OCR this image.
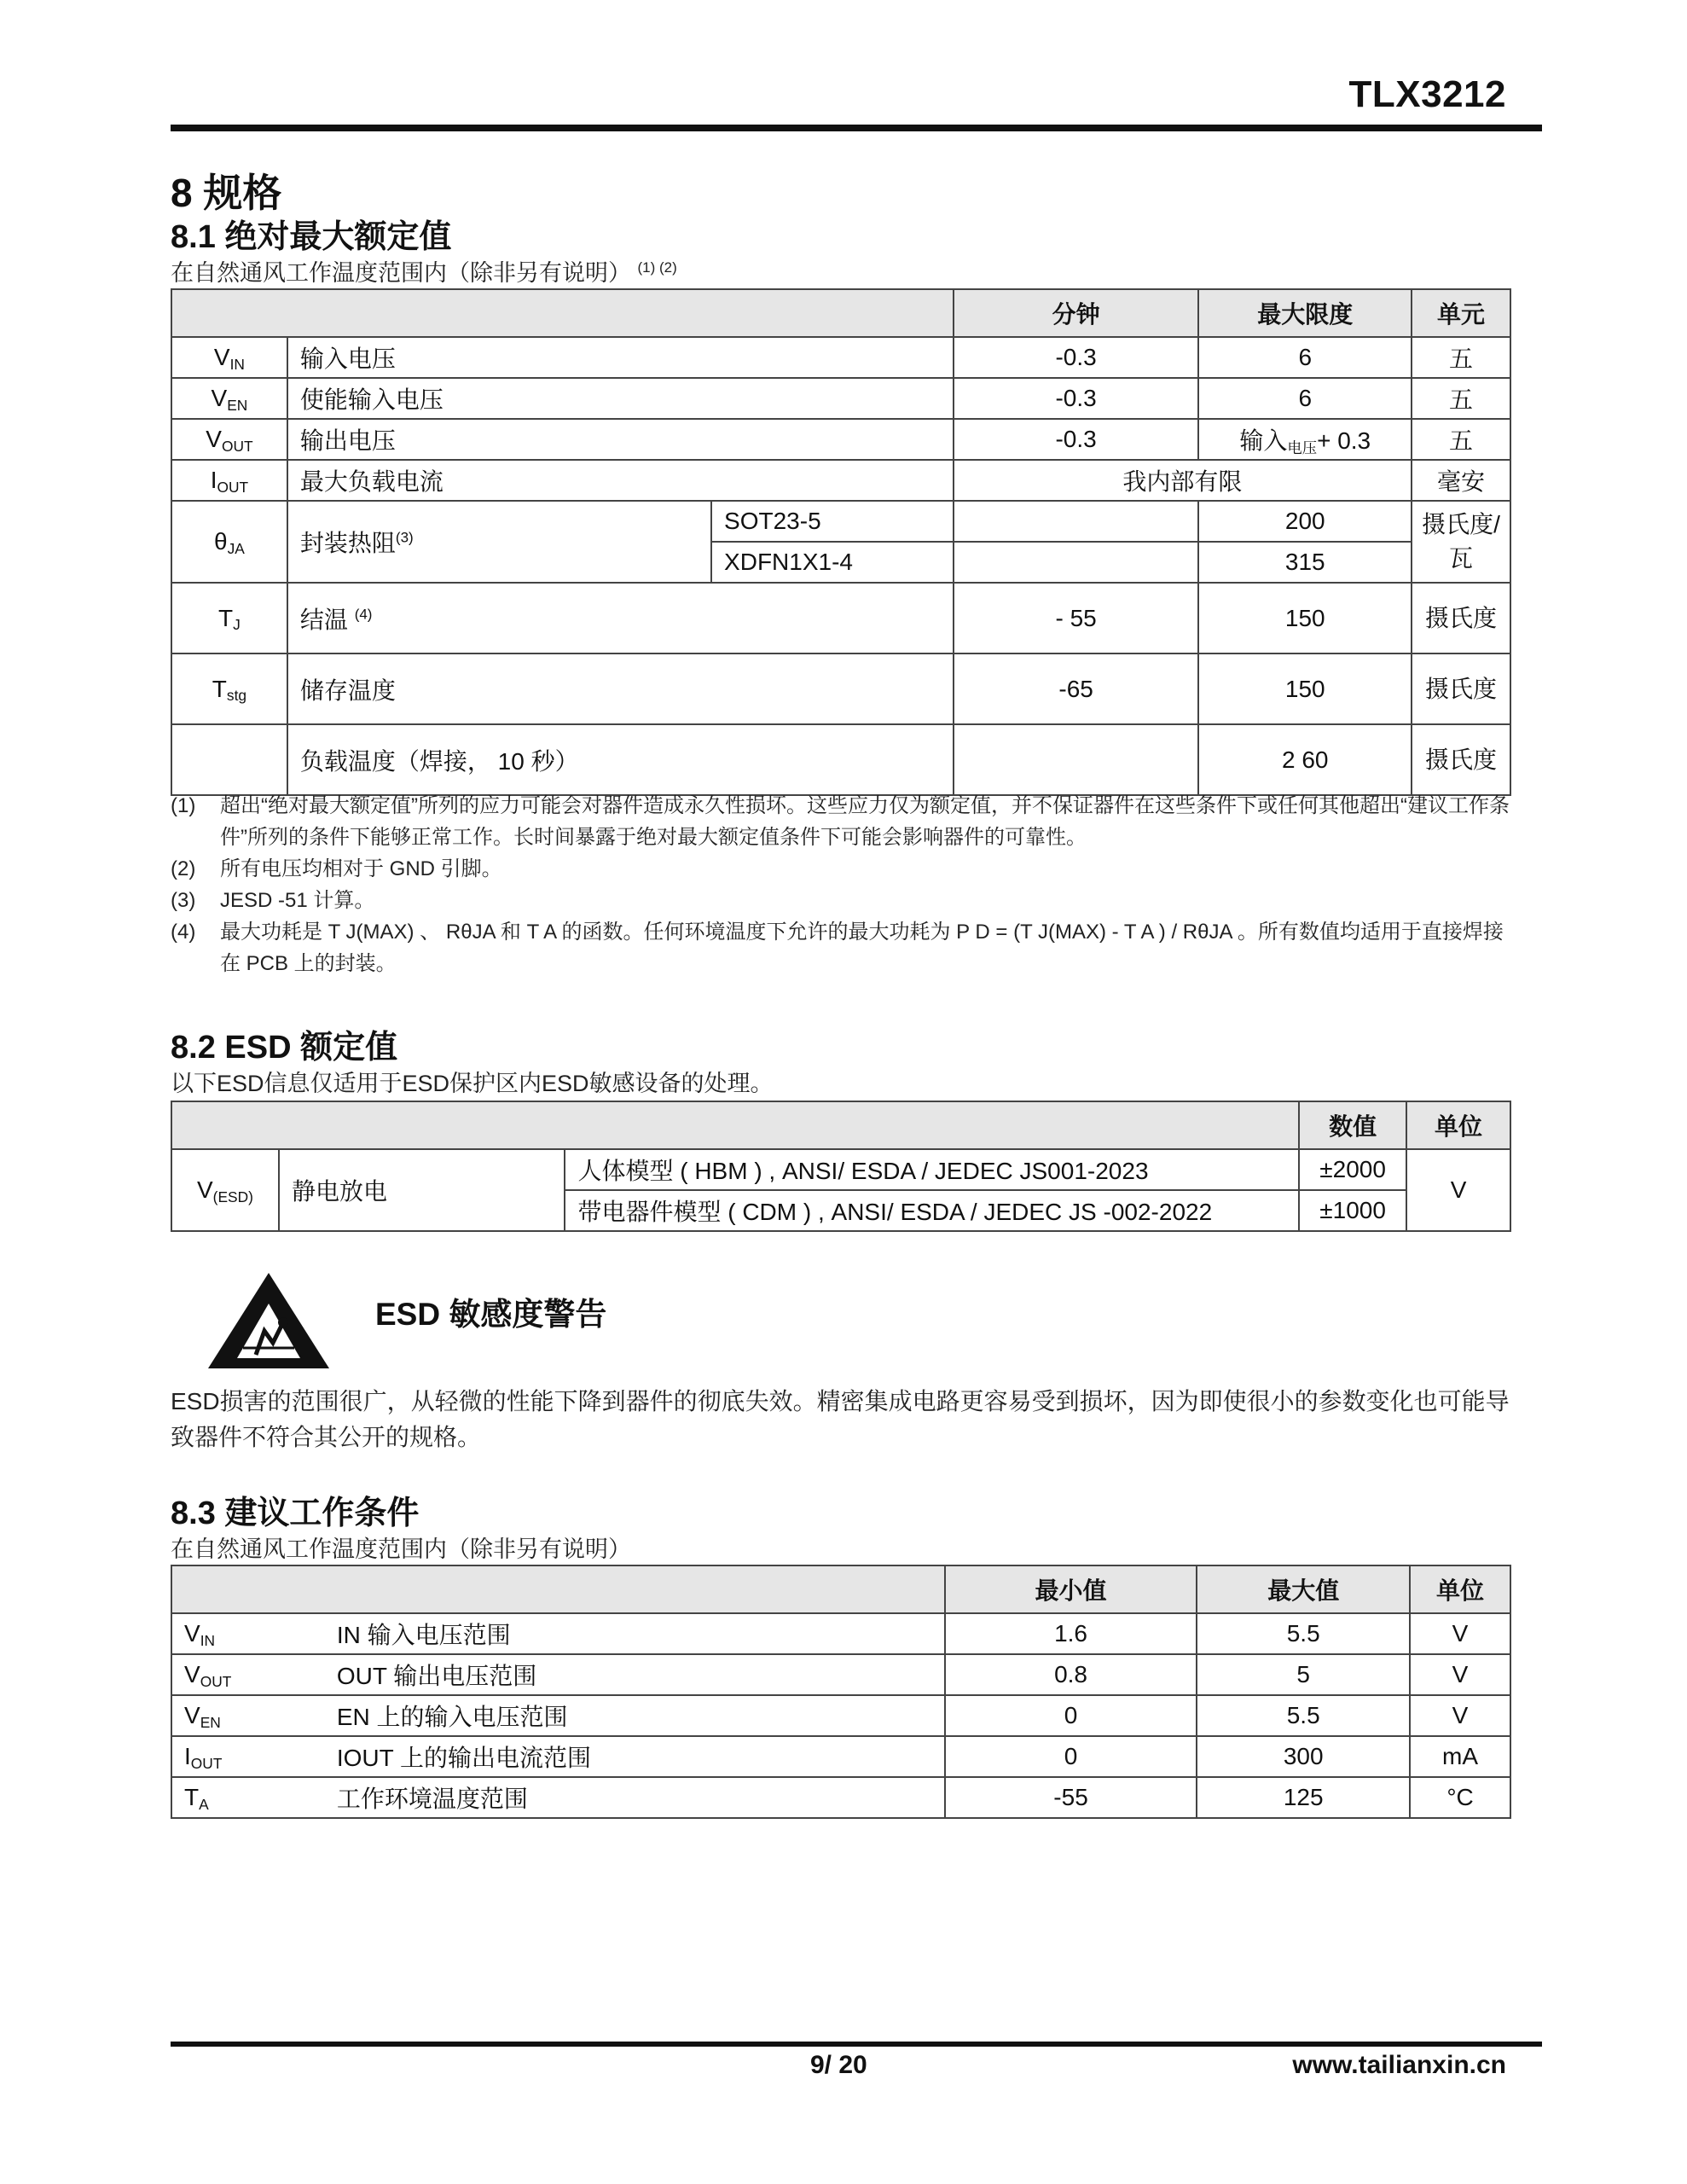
TLX3212
8 规格
8.1 绝对最大额定值
在自然通风工作温度范围内（除非另有说明） $^{(1) (2)}$
			分钟	最大限度	单元
$V_{IN}$	输入电压		-0.3	6	五
$V_{EN}$	使能输入电压		-0.3	6	五
$V_{OUT}$	输出电压		-0.3	输入$_{电压}$+ 0.3	五
$I_{OUT}$	最大负载电流		我内部有限		毫安
$\theta_{JA}$	封装热阻$^{(3)}$	SOT23-5		200	摄氏度/瓦
		XDFN1X1-4		315	
$T_J$	结温 $^{(4)}$		- 55	150	摄氏度
$T_{stg}$	储存温度		-65	150	摄氏度
	负载温度（焊接， 10 秒）			2 60	摄氏度
(1)	超出“绝对最大额定值”所列的应力可能会对器件造成永久性损坏。这些应力仅为额定值，并不保证器件在这些条件下或任何其他超出“建议工作条件”所列的条件下能够正常工作。长时间暴露于绝对最大额定值条件下可能会影响器件的可靠性。
(2)	所有电压均相对于 GND 引脚。
(3)	JESD -51 计算。
(4)	最大功耗是 T J(MAX) 、 RθJA 和 T A 的函数。任何环境温度下允许的最大功耗为 P D = (T J(MAX) - T A ) / RθJA 。所有数值均适用于直接焊接在 PCB 上的封装。
8.2 ESD 额定值
以下ESD信息仅适用于ESD保护区内ESD敏感设备的处理。
			数值	单位
$V_{(ESD)}$	静电放电	人体模型 ( HBM ) , ANSI/ ESDA / JEDEC JS001-2023	±2000	V
		带电器件模型 ( CDM ) , ANSI/ ESDA / JEDEC JS -002-2022	±1000	
ESD 敏感度警告
ESD损害的范围很广，从轻微的性能下降到器件的彻底失效。精密集成电路更容易受到损坏，因为即使很小的参数变化也可能导致器件不符合其公开的规格。
8.3 建议工作条件
在自然通风工作温度范围内（除非另有说明）
		最小值	最大值	单位
$V_{IN}$	IN 输入电压范围	1.6	5.5	V
$V_{OUT}$	OUT 输出电压范围	0.8	5	V
$V_{EN}$	EN 上的输入电压范围	0	5.5	V
$I_{OUT}$	IOUT 上的输出电流范围	0	300	mA
$T_A$	工作环境温度范围	-55	125	°C
9/ 20	www.tailianxin.cn
